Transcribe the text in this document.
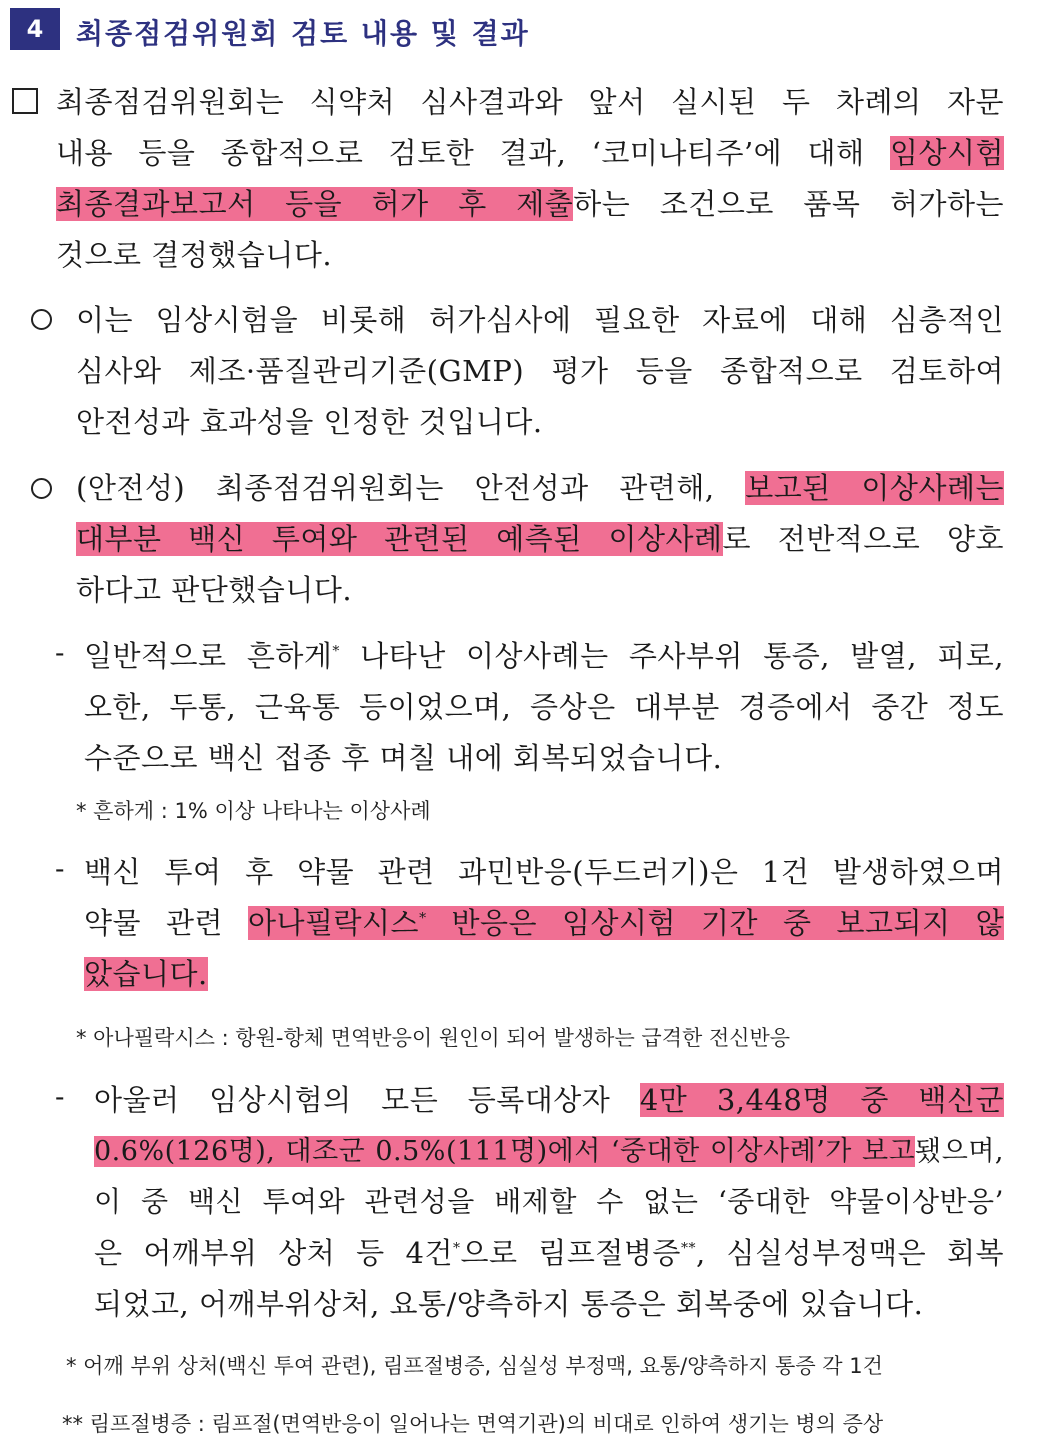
4	최종점검위원회 검토 내용 및 결과
최종점검위원회는 식약처 심사결과와 앞서 실시된 두 차례의 자문
내용 등을 종합적으로 검토한 결과, ‘코미나티주’에 대해 임상시험
최종결과보고서 등을 허가 후 제출하는 조건으로 품목 허가하는
것으로 결정했습니다.
이는 임상시험을 비롯해 허가심사에 필요한 자료에 대해 심층적인
심사와 제조·품질관리기준(GMP) 평가 등을 종합적으로 검토하여
안전성과 효과성을 인정한 것입니다.
(안전성) 최종점검위원회는 안전성과 관련해, 보고된 이상사례는
대부분 백신 투여와 관련된 예측된 이상사례로 전반적으로 양호
하다고 판단했습니다.
- 일반적으로 흔하게* 나타난 이상사례는 주사부위 통증, 발열, 피로,
오한, 두통, 근육통 등이었으며, 증상은 대부분 경증에서 중간 정도
수준으로 백신 접종 후 며칠 내에 회복되었습니다.
* 흔하게 : 1% 이상 나타나는 이상사례
- 백신 투여 후 약물 관련 과민반응(두드러기)은 1건 발생하였으며
약물 관련 아나필락시스* 반응은 임상시험 기간 중 보고되지 않
았습니다.
* 아나필락시스 : 항원-항체 면역반응이 원인이 되어 발생하는 급격한 전신반응
- 아울러 임상시험의 모든 등록대상자 4만 3,448명 중 백신군
0.6%(126명), 대조군 0.5%(111명)에서 ‘중대한 이상사례’가 보고됐으며,
이 중 백신 투여와 관련성을 배제할 수 없는 ‘중대한 약물이상반응’
은 어깨부위 상처 등 4건*으로 림프절병증**, 심실성부정맥은 회복
되었고, 어깨부위상처, 요통/양측하지 통증은 회복중에 있습니다.
* 어깨 부위 상처(백신 투여 관련), 림프절병증, 심실성 부정맥, 요통/양측하지 통증 각 1건
** 림프절병증 : 림프절(면역반응이 일어나는 면역기관)의 비대로 인하여 생기는 병의 증상
